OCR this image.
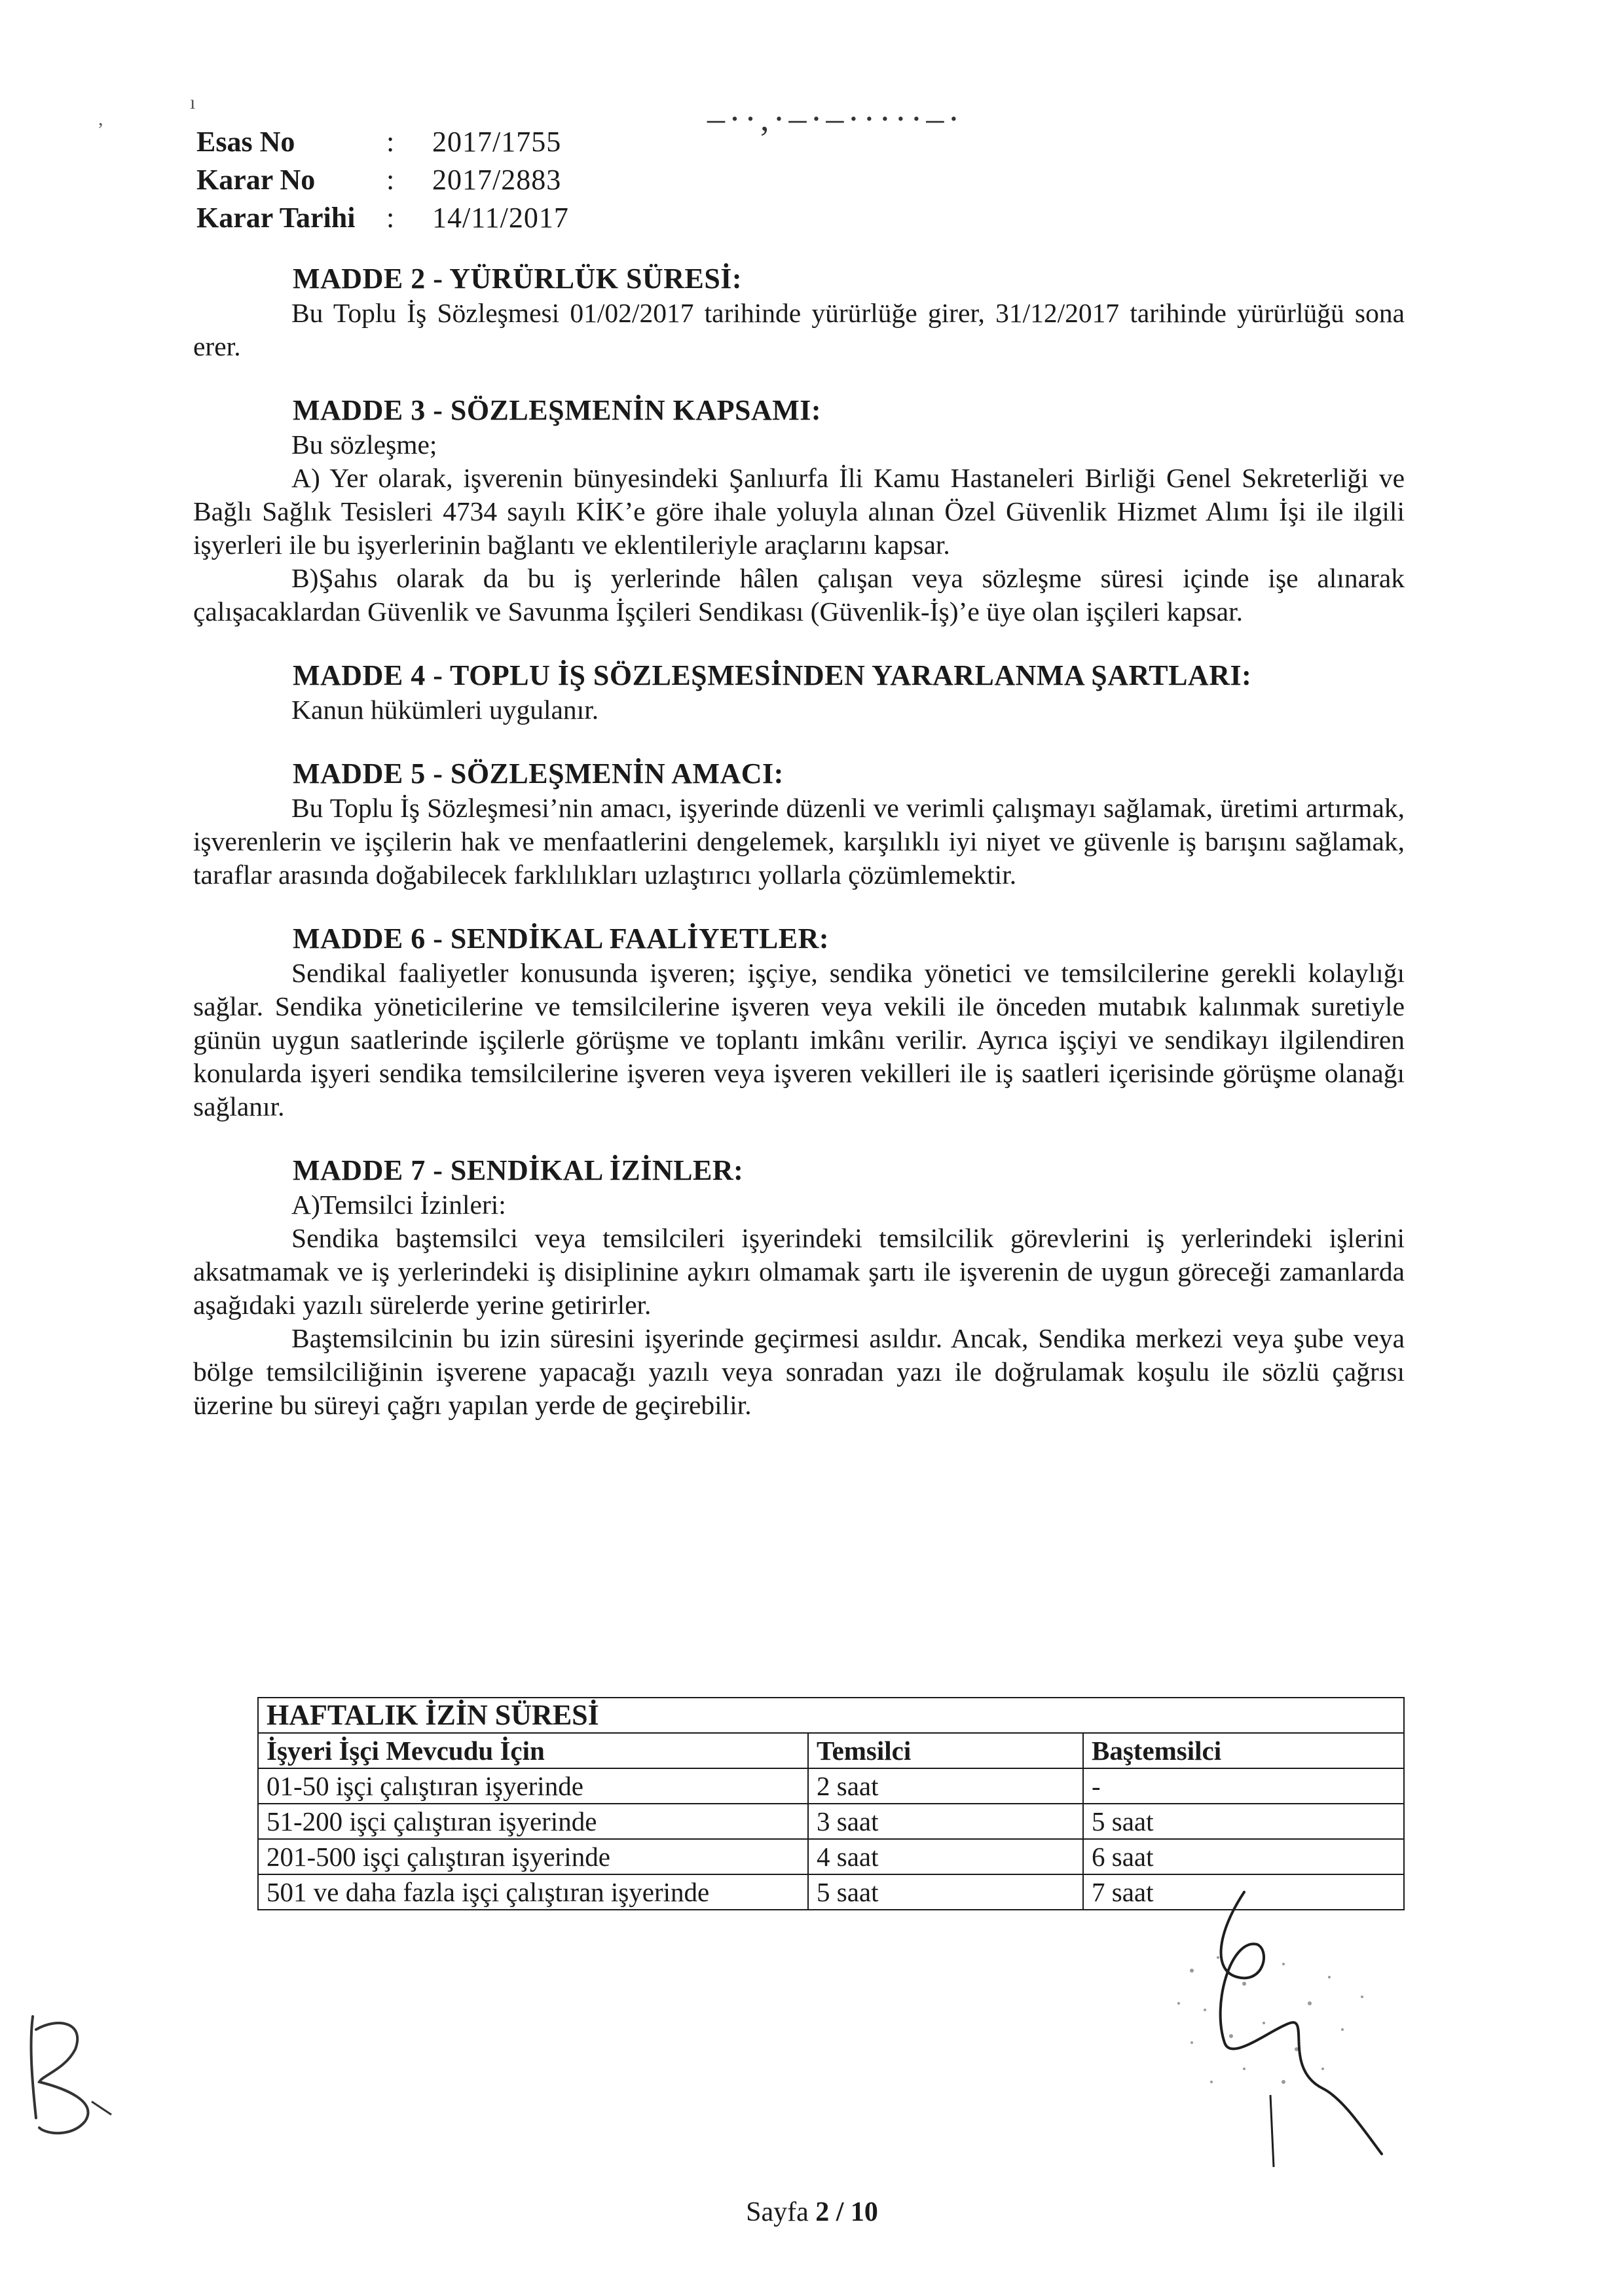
ı
,	–··,·–·–·····–·
Esas No	:	2017/1755
Karar No	:	2017/2883
Karar Tarihi	:	14/11/2017
MADDE 2 - YÜRÜRLÜK SÜRESİ:

Bu Toplu İş Sözleşmesi 01/02/2017 tarihinde yürürlüğe girer, 31/12/2017 tarihinde yürürlüğü sona erer.

MADDE 3 - SÖZLEŞMENİN KAPSAMI:

Bu sözleşme;

A) Yer olarak, işverenin bünyesindeki Şanlıurfa İli Kamu Hastaneleri Birliği Genel Sekreterliği ve Bağlı Sağlık Tesisleri 4734 sayılı KİK’e göre ihale yoluyla alınan Özel Güvenlik Hizmet Alımı İşi ile ilgili işyerleri ile bu işyerlerinin bağlantı ve eklentileriyle araçlarını kapsar.

B)Şahıs olarak da bu iş yerlerinde hâlen çalışan veya sözleşme süresi içinde işe alınarak çalışacaklardan Güvenlik ve Savunma İşçileri Sendikası (Güvenlik-İş)’e üye olan işçileri kapsar.

MADDE 4 - TOPLU İŞ SÖZLEŞMESİNDEN YARARLANMA ŞARTLARI:

Kanun hükümleri uygulanır.

MADDE 5 - SÖZLEŞMENİN AMACI:

Bu Toplu İş Sözleşmesi’nin amacı, işyerinde düzenli ve verimli çalışmayı sağlamak, üretimi artırmak, işverenlerin ve işçilerin hak ve menfaatlerini dengelemek, karşılıklı iyi niyet ve güvenle iş barışını sağlamak, taraflar arasında doğabilecek farklılıkları uzlaştırıcı yollarla çözümlemektir.

MADDE 6 - SENDİKAL FAALİYETLER:

Sendikal faaliyetler konusunda işveren; işçiye, sendika yönetici ve temsilcilerine gerekli kolaylığı sağlar. Sendika yöneticilerine ve temsilcilerine işveren veya vekili ile önceden mutabık kalınmak suretiyle günün uygun saatlerinde işçilerle görüşme ve toplantı imkânı verilir. Ayrıca işçiyi ve sendikayı ilgilendiren konularda işyeri sendika temsilcilerine işveren veya işveren vekilleri ile iş saatleri içerisinde görüşme olanağı sağlanır.

MADDE 7 - SENDİKAL İZİNLER:

A)Temsilci İzinleri:

Sendika baştemsilci veya temsilcileri işyerindeki temsilcilik görevlerini iş yerlerindeki işlerini aksatmamak ve iş yerlerindeki iş disiplinine aykırı olmamak şartı ile işverenin de uygun göreceği zamanlarda aşağıdaki yazılı sürelerde yerine getirirler.

Baştemsilcinin bu izin süresini işyerinde geçirmesi asıldır. Ancak, Sendika merkezi veya şube veya bölge temsilciliğinin işverene yapacağı yazılı veya sonradan yazı ile doğrulamak koşulu ile sözlü çağrısı üzerine bu süreyi çağrı yapılan yerde de geçirebilir.

HAFTALIK İZİN SÜRESİ		
İşyeri İşçi Mevcudu İçin	Temsilci	Baştemsilci
01-50 işçi çalıştıran işyerinde	2 saat	-
51-200 işçi çalıştıran işyerinde	3 saat	5 saat
201-500 işçi çalıştıran işyerinde	4 saat	6 saat
501 ve daha fazla işçi çalıştıran işyerinde	5 saat	7 saat
Sayfa 2 / 10
